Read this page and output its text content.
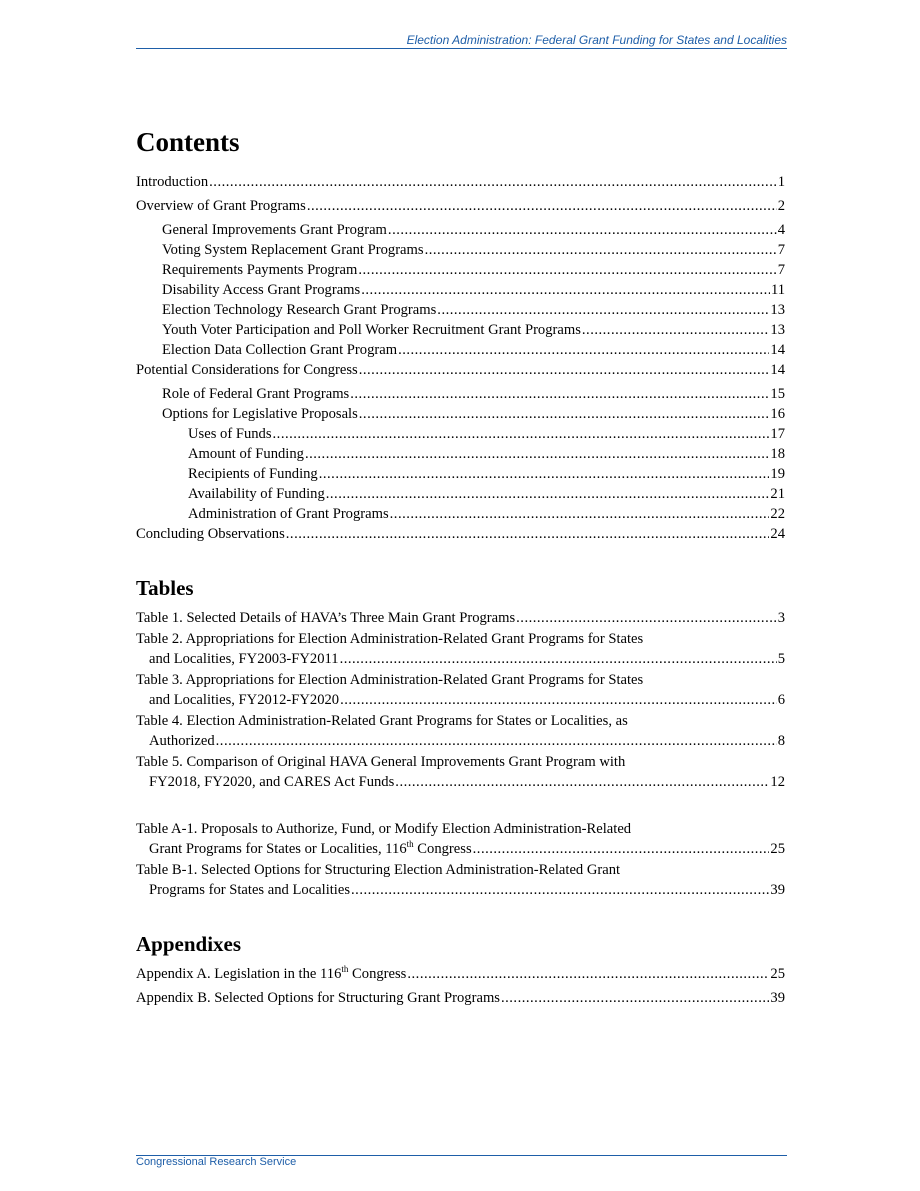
Election Administration: Federal Grant Funding for States and Localities
Contents
Introduction .....	1
Overview of Grant Programs .....	2
General Improvements Grant Program .....	4
Voting System Replacement Grant Programs .....	7
Requirements Payments Program .....	7
Disability Access Grant Programs .....	11
Election Technology Research Grant Programs .....	13
Youth Voter Participation and Poll Worker Recruitment Grant Programs .....	13
Election Data Collection Grant Program .....	14
Potential Considerations for Congress .....	14
Role of Federal Grant Programs .....	15
Options for Legislative Proposals .....	16
Uses of Funds .....	17
Amount of Funding .....	18
Recipients of Funding .....	19
Availability of Funding .....	21
Administration of Grant Programs .....	22
Concluding Observations .....	24
Tables
Table 1. Selected Details of HAVA’s Three Main Grant Programs .....	3
Table 2. Appropriations for Election Administration-Related Grant Programs for States
and Localities, FY2003-FY2011 .....	5
Table 3. Appropriations for Election Administration-Related Grant Programs for States
and Localities, FY2012-FY2020 .....	6
Table 4. Election Administration-Related Grant Programs for States or Localities, as
Authorized .....	8
Table 5. Comparison of Original HAVA General Improvements Grant Program with
FY2018, FY2020, and CARES Act Funds .....	12
Table A-1. Proposals to Authorize, Fund, or Modify Election Administration-Related
Grant Programs for States or Localities, 116th Congress .....	25
Table B-1. Selected Options for Structuring Election Administration-Related Grant
Programs for States and Localities .....	39
Appendixes
Appendix A. Legislation in the 116th Congress .....	25
Appendix B. Selected Options for Structuring Grant Programs .....	39
Congressional Research Service
